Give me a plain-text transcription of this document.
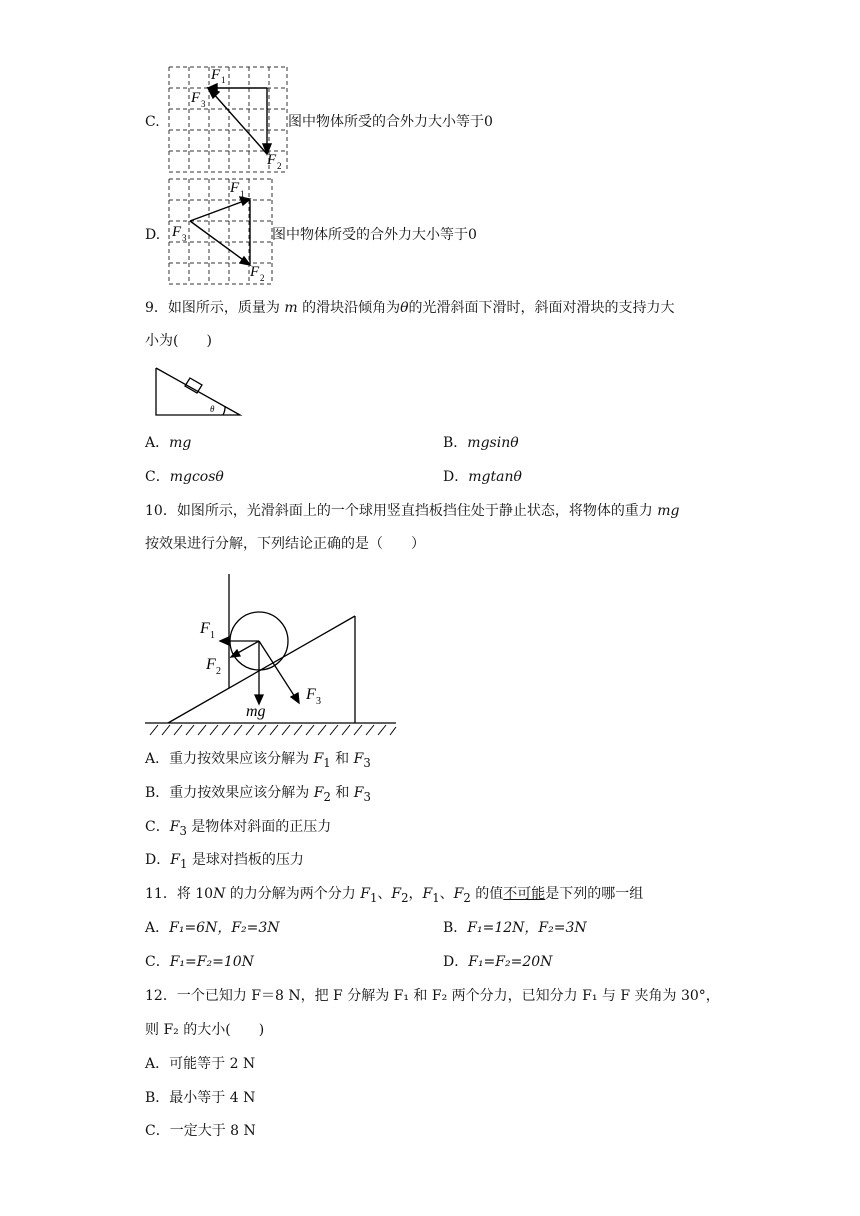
C.
F 1
F 3
F 2
图中物体所受的合外力大小等于0
D.
F 1
F 3
F 2
图中物体所受的合外力大小等于0
9．如图所示，质量为 m 的滑块沿倾角为θ的光滑斜面下滑时，斜面对滑块的支持力大
小为(　　)
θ
A．mg	B．mgsinθ
C．mgcosθ	D．mgtanθ
10．如图所示，光滑斜面上的一个球用竖直挡板挡住处于静止状态，将物体的重力 mg
按效果进行分解，下列结论正确的是（　　）
F 1
F 2
F 3
mg
A．重力按效果应该分解为 $F_1$ 和 $F_3$
B．重力按效果应该分解为 $F_2$ 和 $F_3$
C．$F_3$ 是物体对斜面的正压力
D．$F_1$ 是球对挡板的压力
11．将 10N 的力分解为两个分力 $F_1$、$F_2$，$F_1$、$F_2$ 的值不可能是下列的哪一组
A．F₁=6N，F₂=3N	B．F₁=12N，F₂=3N
C．F₁=F₂=10N	D．F₁=F₂=20N
12．一个已知力 F＝8 N，把 F 分解为 F₁ 和 F₂ 两个分力，已知分力 F₁ 与 F 夹角为 30°，
则 F₂ 的大小(　　)
A．可能等于 2 N
B．最小等于 4 N
C．一定大于 8 N
